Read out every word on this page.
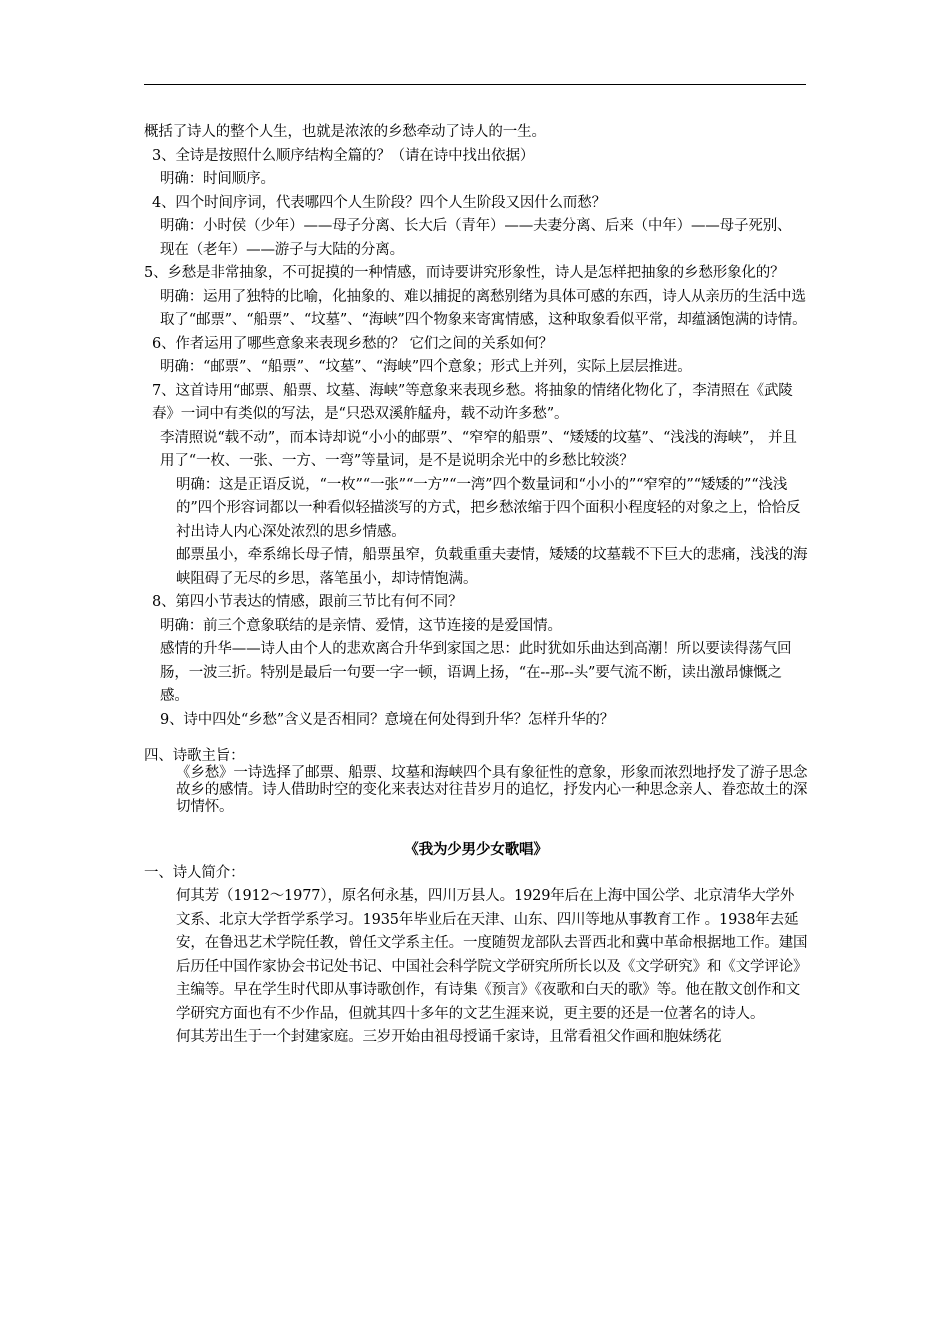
概括了诗人的整个人生，也就是浓浓的乡愁牵动了诗人的一生。

3、全诗是按照什么顺序结构全篇的？（请在诗中找出依据）

明确：时间顺序。

4、四个时间序词，代表哪四个人生阶段？四个人生阶段又因什么而愁？

明确：小时侯（少年）——母子分离、长大后（青年）——夫妻分离、后来（中年）——母子死别、 现在（老年）——游子与大陆的分离。

5、乡愁是非常抽象，不可捉摸的一种情感，而诗要讲究形象性，诗人是怎样把抽象的乡愁形象化的？

明确：运用了独特的比喻，化抽象的、难以捕捉的离愁别绪为具体可感的东西，诗人从亲历的生活中选取了“邮票”、“船票”、“坟墓”、“海峡”四个物象来寄寓情感，这种取象看似平常，却蕴涵饱满的诗情。

6、作者运用了哪些意象来表现乡愁的？ 它们之间的关系如何？

明确：“邮票”、“船票”、“坟墓”、“海峡”四个意象；形式上并列，实际上层层推进。

7、这首诗用“邮票、船票、坟墓、海峡”等意象来表现乡愁。将抽象的情绪化物化了，李清照在《武陵春》一词中有类似的写法，是“只恐双溪舴艋舟，载不动许多愁”。

李清照说“载不动”，而本诗却说“小小的邮票”、“窄窄的船票”、“矮矮的坟墓”、“浅浅的海峡”， 并且用了“一枚、一张、一方、一弯”等量词，是不是说明余光中的乡愁比较淡？

明确：这是正语反说，“一枚”“一张”“一方”“一湾”四个数量词和“小小的”“窄窄的”“矮矮的”“浅浅的”四个形容词都以一种看似轻描淡写的方式，把乡愁浓缩于四个面积小程度轻的对象之上，恰恰反衬出诗人内心深处浓烈的思乡情感。

邮票虽小，牵系绵长母子情，船票虽窄，负载重重夫妻情，矮矮的坟墓载不下巨大的悲痛，浅浅的海峡阻碍了无尽的乡思，落笔虽小，却诗情饱满。

8、第四小节表达的情感，跟前三节比有何不同？

明确：前三个意象联结的是亲情、爱情，这节连接的是爱国情。

感情的升华——诗人由个人的悲欢离合升华到家国之思：此时犹如乐曲达到高潮！所以要读得荡气回肠，一波三折。特别是最后一句要一字一顿，语调上扬，“在--那--头”要气流不断，读出激昂慷慨之感。

9、诗中四处“乡愁”含义是否相同？意境在何处得到升华？怎样升华的？

四、诗歌主旨：

《乡愁》一诗选择了邮票、船票、坟墓和海峡四个具有象征性的意象，形象而浓烈地抒发了游子思念故乡的感情。诗人借助时空的变化来表达对往昔岁月的追忆，抒发内心一种思念亲人、眷恋故土的深切情怀。

《我为少男少女歌唱》

一、诗人简介：

何其芳（1912～1977），原名何永基，四川万县人。1929年后在上海中国公学、北京清华大学外文系、北京大学哲学系学习。1935年毕业后在天津、山东、四川等地从事教育工作 。1938年去延安，在鲁迅艺术学院任教，曾任文学系主任。一度随贺龙部队去晋西北和冀中革命根据地工作。建国后历任中国作家协会书记处书记、中国社会科学院文学研究所所长以及《文学研究》和《文学评论》主编等。早在学生时代即从事诗歌创作，有诗集《预言》《夜歌和白天的歌》等。他在散文创作和文学研究方面也有不少作品，但就其四十多年的文艺生涯来说，更主要的还是一位著名的诗人。

何其芳出生于一个封建家庭。三岁开始由祖母授诵千家诗，且常看祖父作画和胞妹绣花
